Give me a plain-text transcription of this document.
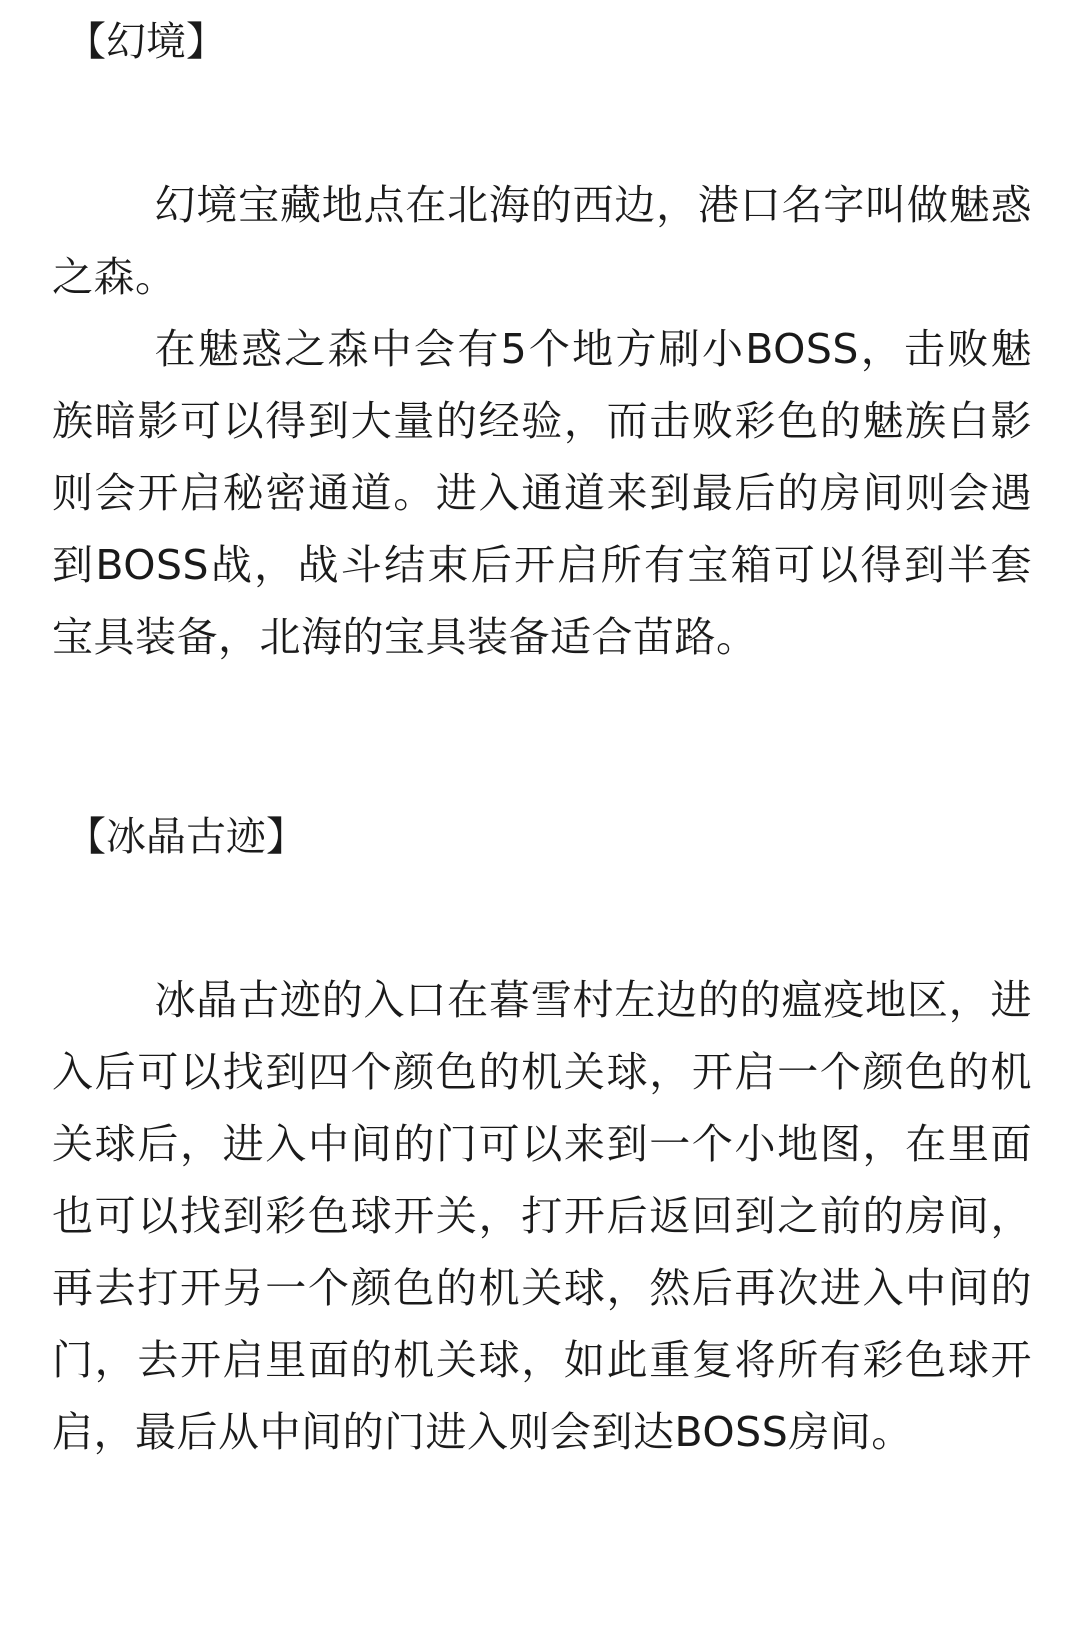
【幻境】

幻境宝藏地点在北海的西边，港口名字叫做魅惑之森。

在魅惑之森中会有5个地方刷小BOSS，击败魅族暗影可以得到大量的经验，而击败彩色的魅族白影则会开启秘密通道。进入通道来到最后的房间则会遇到BOSS战，战斗结束后开启所有宝箱可以得到半套宝具装备，北海的宝具装备适合苗路。

【冰晶古迹】

冰晶古迹的入口在暮雪村左边的的瘟疫地区，进入后可以找到四个颜色的机关球，开启一个颜色的机关球后，进入中间的门可以来到一个小地图，在里面也可以找到彩色球开关，打开后返回到之前的房间，再去打开另一个颜色的机关球，然后再次进入中间的门，去开启里面的机关球，如此重复将所有彩色球开启，最后从中间的门进入则会到达BOSS房间。
